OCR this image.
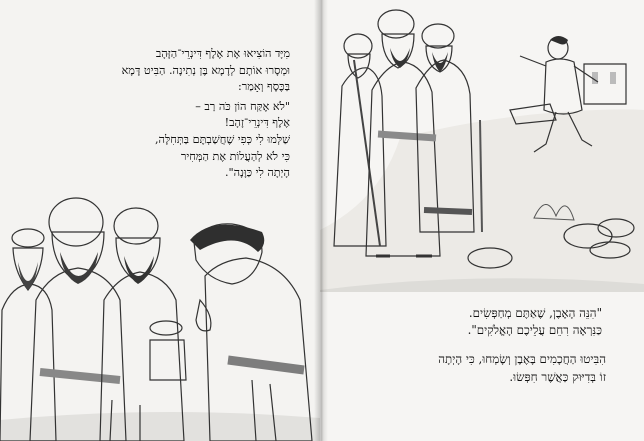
מִיָּד הוֹצִיאוּ אֶת אֶלֶף דִּינְרֵי־הַזָּהָב
וּמְסָרוּ אוֹתָם לְדָמָא בֶּן נְתִינָה. הַבִּיט דָּמָא
בַּכֶּסֶף וְאָמַר:
"לֹא אֶקַּח הוֹן כֹּה רַב –
אֶלֶף דִּינְרֵי־זָהָב!
שַׁלְּמוּ לִי כְּפִי שֶׁחֲשַׁבְתֶּם בַּתְּחִלָּה,
כִּי לֹא לְהַעֲלוֹת אֶת הַמְּחִיר
הָיְתָה לִי כַּוָּנָה".
"הִנֵּה הָאֶבֶן, שֶׁאַתֶּם מְחַפְּשִׂים.
כַּנִּרְאֶה רִחֵם עֲלֵיכֶם הָאֱלֹקִים".
הִבִּיטוּ הַחֲכָמִים בָּאֶבֶן וְשָׂמְחוּ, כִּי הָיְתָה
זוֹ בְּדִיּוּק כַּאֲשֶׁר חִפְּשׂוּ.
